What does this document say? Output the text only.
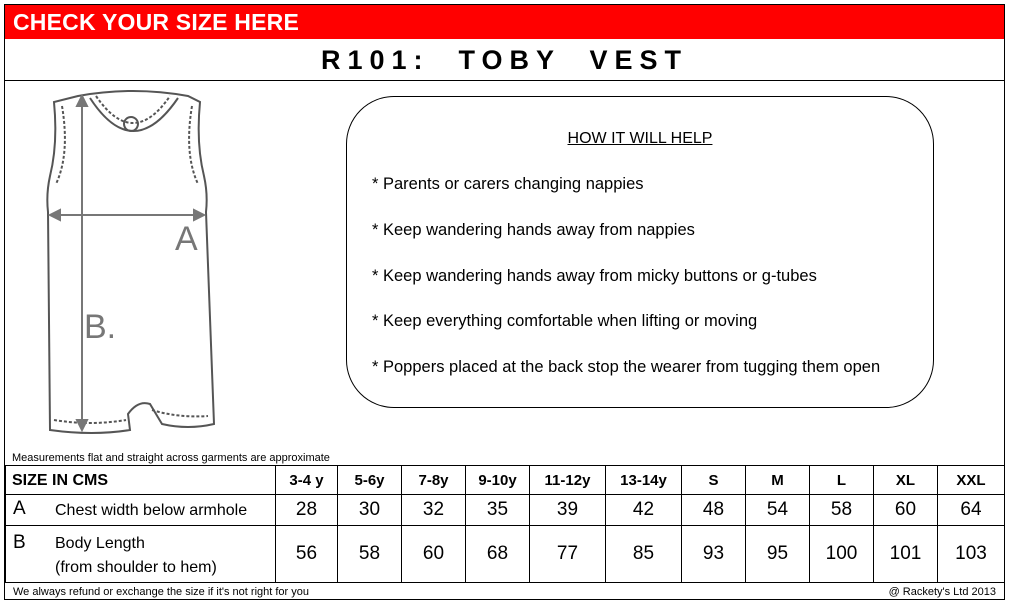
CHECK YOUR SIZE HERE
R101:  TOBY  VEST
A
B.
HOW IT WILL HELP
* Parents or carers changing nappies
* Keep wandering hands away from nappies
* Keep wandering hands away from micky buttons or g-tubes
* Keep everything comfortable when lifting or moving
* Poppers placed at the back stop the wearer from tugging them open
Measurements flat and straight across garments are approximate
SIZE IN CMS	3-4 y	5-6y	7-8y	9-10y	11-12y	13-14y	S	M	L	XL	XXL

A Chest width below armhole	28	30	32	35	39	42	48	54	58	60	64

B Body Length
(from shoulder to hem)	56	58	60	68	77	85	93	95	100	101	103
We always refund or exchange the size if it's not right for you	@ Rackety's Ltd 2013
